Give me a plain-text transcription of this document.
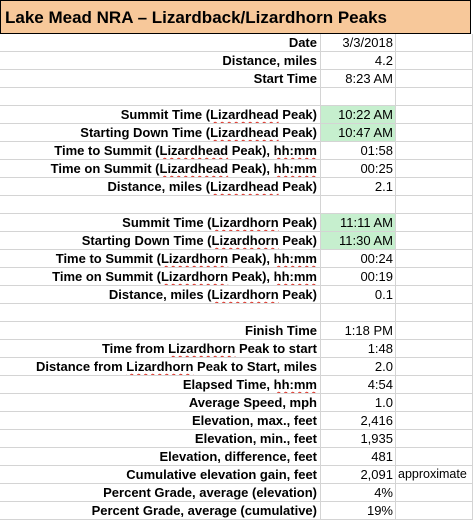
Lake Mead NRA – Lizardback/Lizardhorn Peaks
Date	3/3/2018
Distance, miles	4.2
Start Time	8:23 AM
Summit Time (Lizardhead Peak)	10:22 AM
Starting Down Time (Lizardhead Peak)	10:47 AM
Time to Summit (Lizardhead Peak), hh:mm	01:58
Time on Summit (Lizardhead Peak), hh:mm	00:25
Distance, miles (Lizardhead Peak)	2.1
Summit Time (Lizardhorn Peak)	11:11 AM
Starting Down Time (Lizardhorn Peak)	11:30 AM
Time to Summit (Lizardhorn Peak), hh:mm	00:24
Time on Summit (Lizardhorn Peak), hh:mm	00:19
Distance, miles (Lizardhorn Peak)	0.1
Finish Time	1:18 PM
Time from Lizardhorn Peak to start	1:48
Distance from Lizardhorn Peak to Start, miles	2.0
Elapsed Time, hh:mm	4:54
Average Speed, mph	1.0
Elevation, max., feet	2,416
Elevation, min., feet	1,935
Elevation, difference, feet	481
Cumulative elevation gain, feet	2,091 approximate
Percent Grade, average (elevation)	4%
Percent Grade, average (cumulative)	19%
